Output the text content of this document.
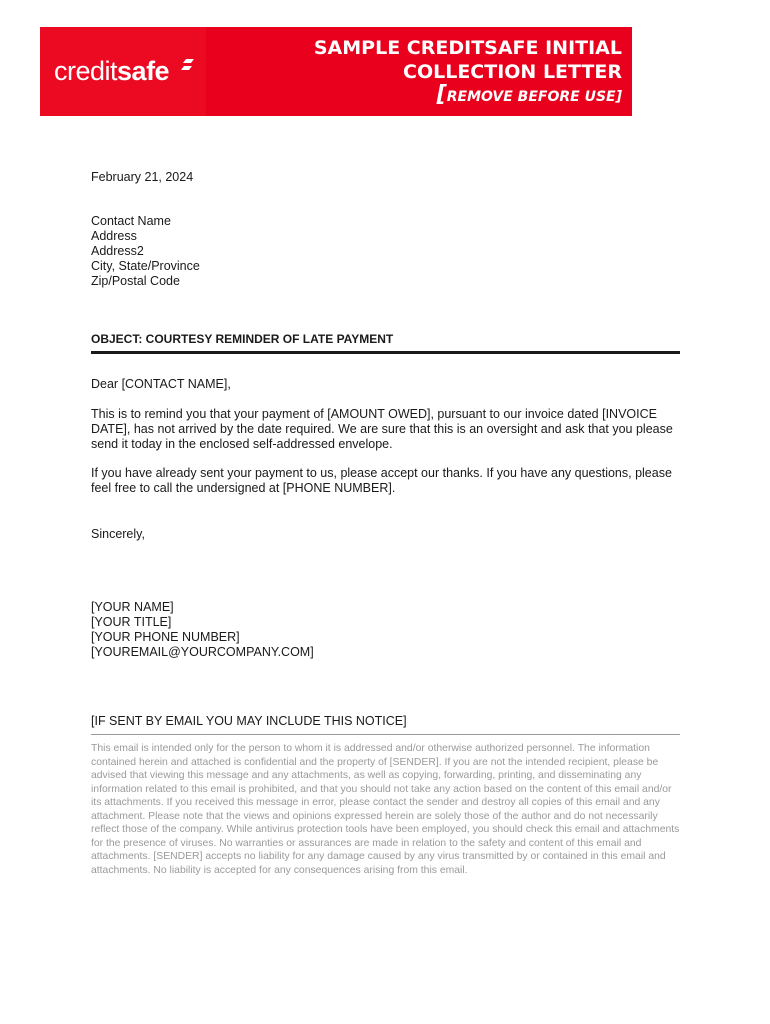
creditsafe
SAMPLE CREDITSAFE INITIAL COLLECTION LETTER
[REMOVE BEFORE USE]
February 21, 2024
Contact Name
Address
Address2
City, State/Province
Zip/Postal Code
OBJECT: COURTESY REMINDER OF LATE PAYMENT
Dear [CONTACT NAME],
This is to remind you that your payment of [AMOUNT OWED], pursuant to our invoice dated [INVOICE DATE], has not arrived by the date required. We are sure that this is an oversight and ask that you please send it today in the enclosed self-addressed envelope.
If you have already sent your payment to us, please accept our thanks. If you have any questions, please feel free to call the undersigned at [PHONE NUMBER].
Sincerely,
[YOUR NAME]
[YOUR TITLE]
[YOUR PHONE NUMBER]
[YOUREMAIL@YOURCOMPANY.COM]
[IF SENT BY EMAIL YOU MAY INCLUDE THIS NOTICE]
This email is intended only for the person to whom it is addressed and/or otherwise authorized personnel. The information contained herein and attached is confidential and the property of [SENDER]. If you are not the intended recipient, please be advised that viewing this message and any attachments, as well as copying, forwarding, printing, and disseminating any information related to this email is prohibited, and that you should not take any action based on the content of this email and/or its attachments. If you received this message in error, please contact the sender and destroy all copies of this email and any attachment. Please note that the views and opinions expressed herein are solely those of the author and do not necessarily reflect those of the company. While antivirus protection tools have been employed, you should check this email and attachments for the presence of viruses. No warranties or assurances are made in relation to the safety and content of this email and attachments. [SENDER] accepts no liability for any damage caused by any virus transmitted by or contained in this email and attachments. No liability is accepted for any consequences arising from this email.
